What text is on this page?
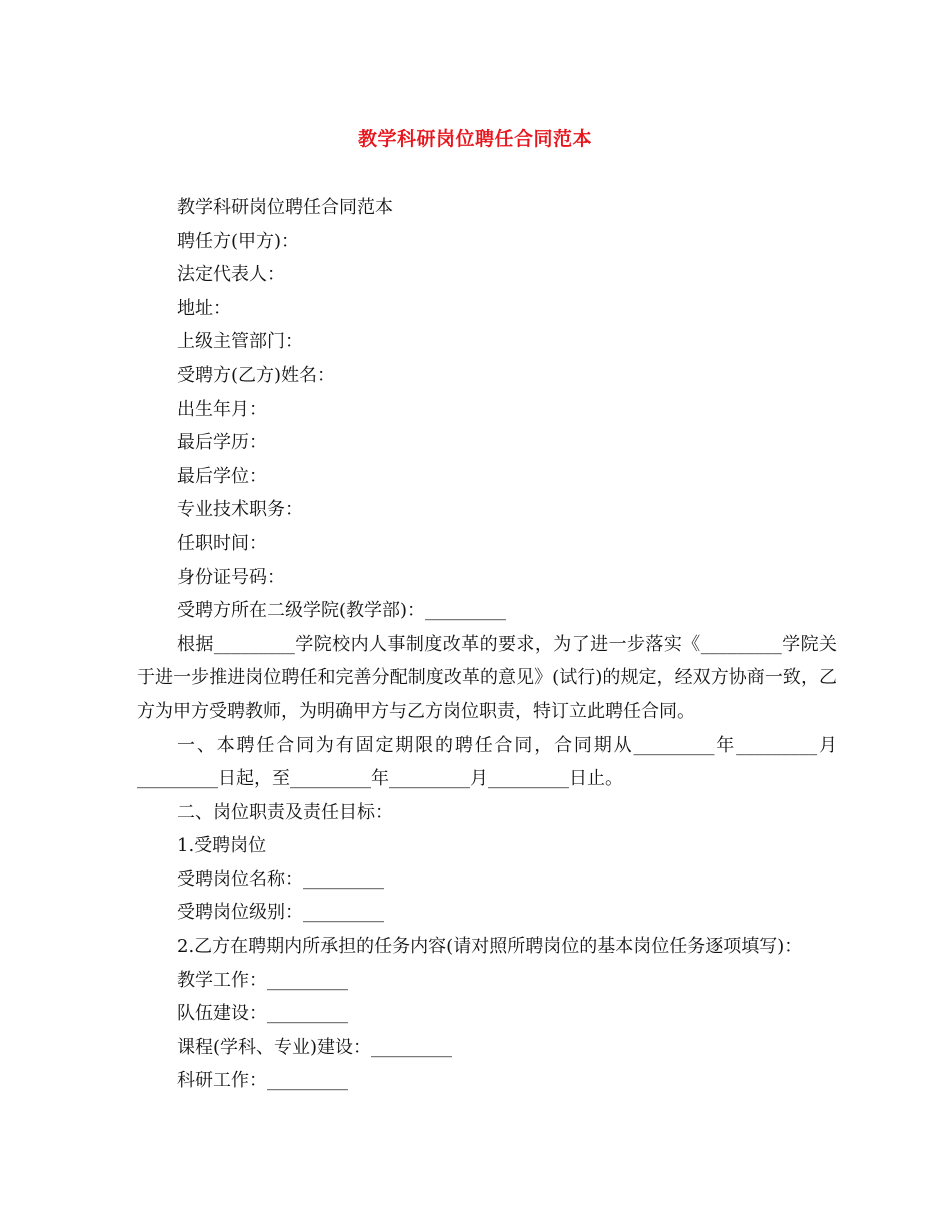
教学科研岗位聘任合同范本

教学科研岗位聘任合同范本

聘任方(甲方)：

法定代表人：

地址：

上级主管部门：

受聘方(乙方)姓名：

出生年月：

最后学历：

最后学位：

专业技术职务：

任职时间：

身份证号码：

受聘方所在二级学院(教学部)：_________

根据_________学院校内人事制度改革的要求，为了进一步落实《_________学院关于进一步推进岗位聘任和完善分配制度改革的意见》(试行)的规定，经双方协商一致，乙方为甲方受聘教师，为明确甲方与乙方岗位职责，特订立此聘任合同。

一、本聘任合同为有固定期限的聘任合同，合同期从_________年_________月_________日起，至_________年_________月_________日止。

二、岗位职责及责任目标：

1.受聘岗位

受聘岗位名称：_________

受聘岗位级别：_________

2.乙方在聘期内所承担的任务内容(请对照所聘岗位的基本岗位任务逐项填写)：

教学工作：_________

队伍建设：_________

课程(学科、专业)建设：_________

科研工作：_________
